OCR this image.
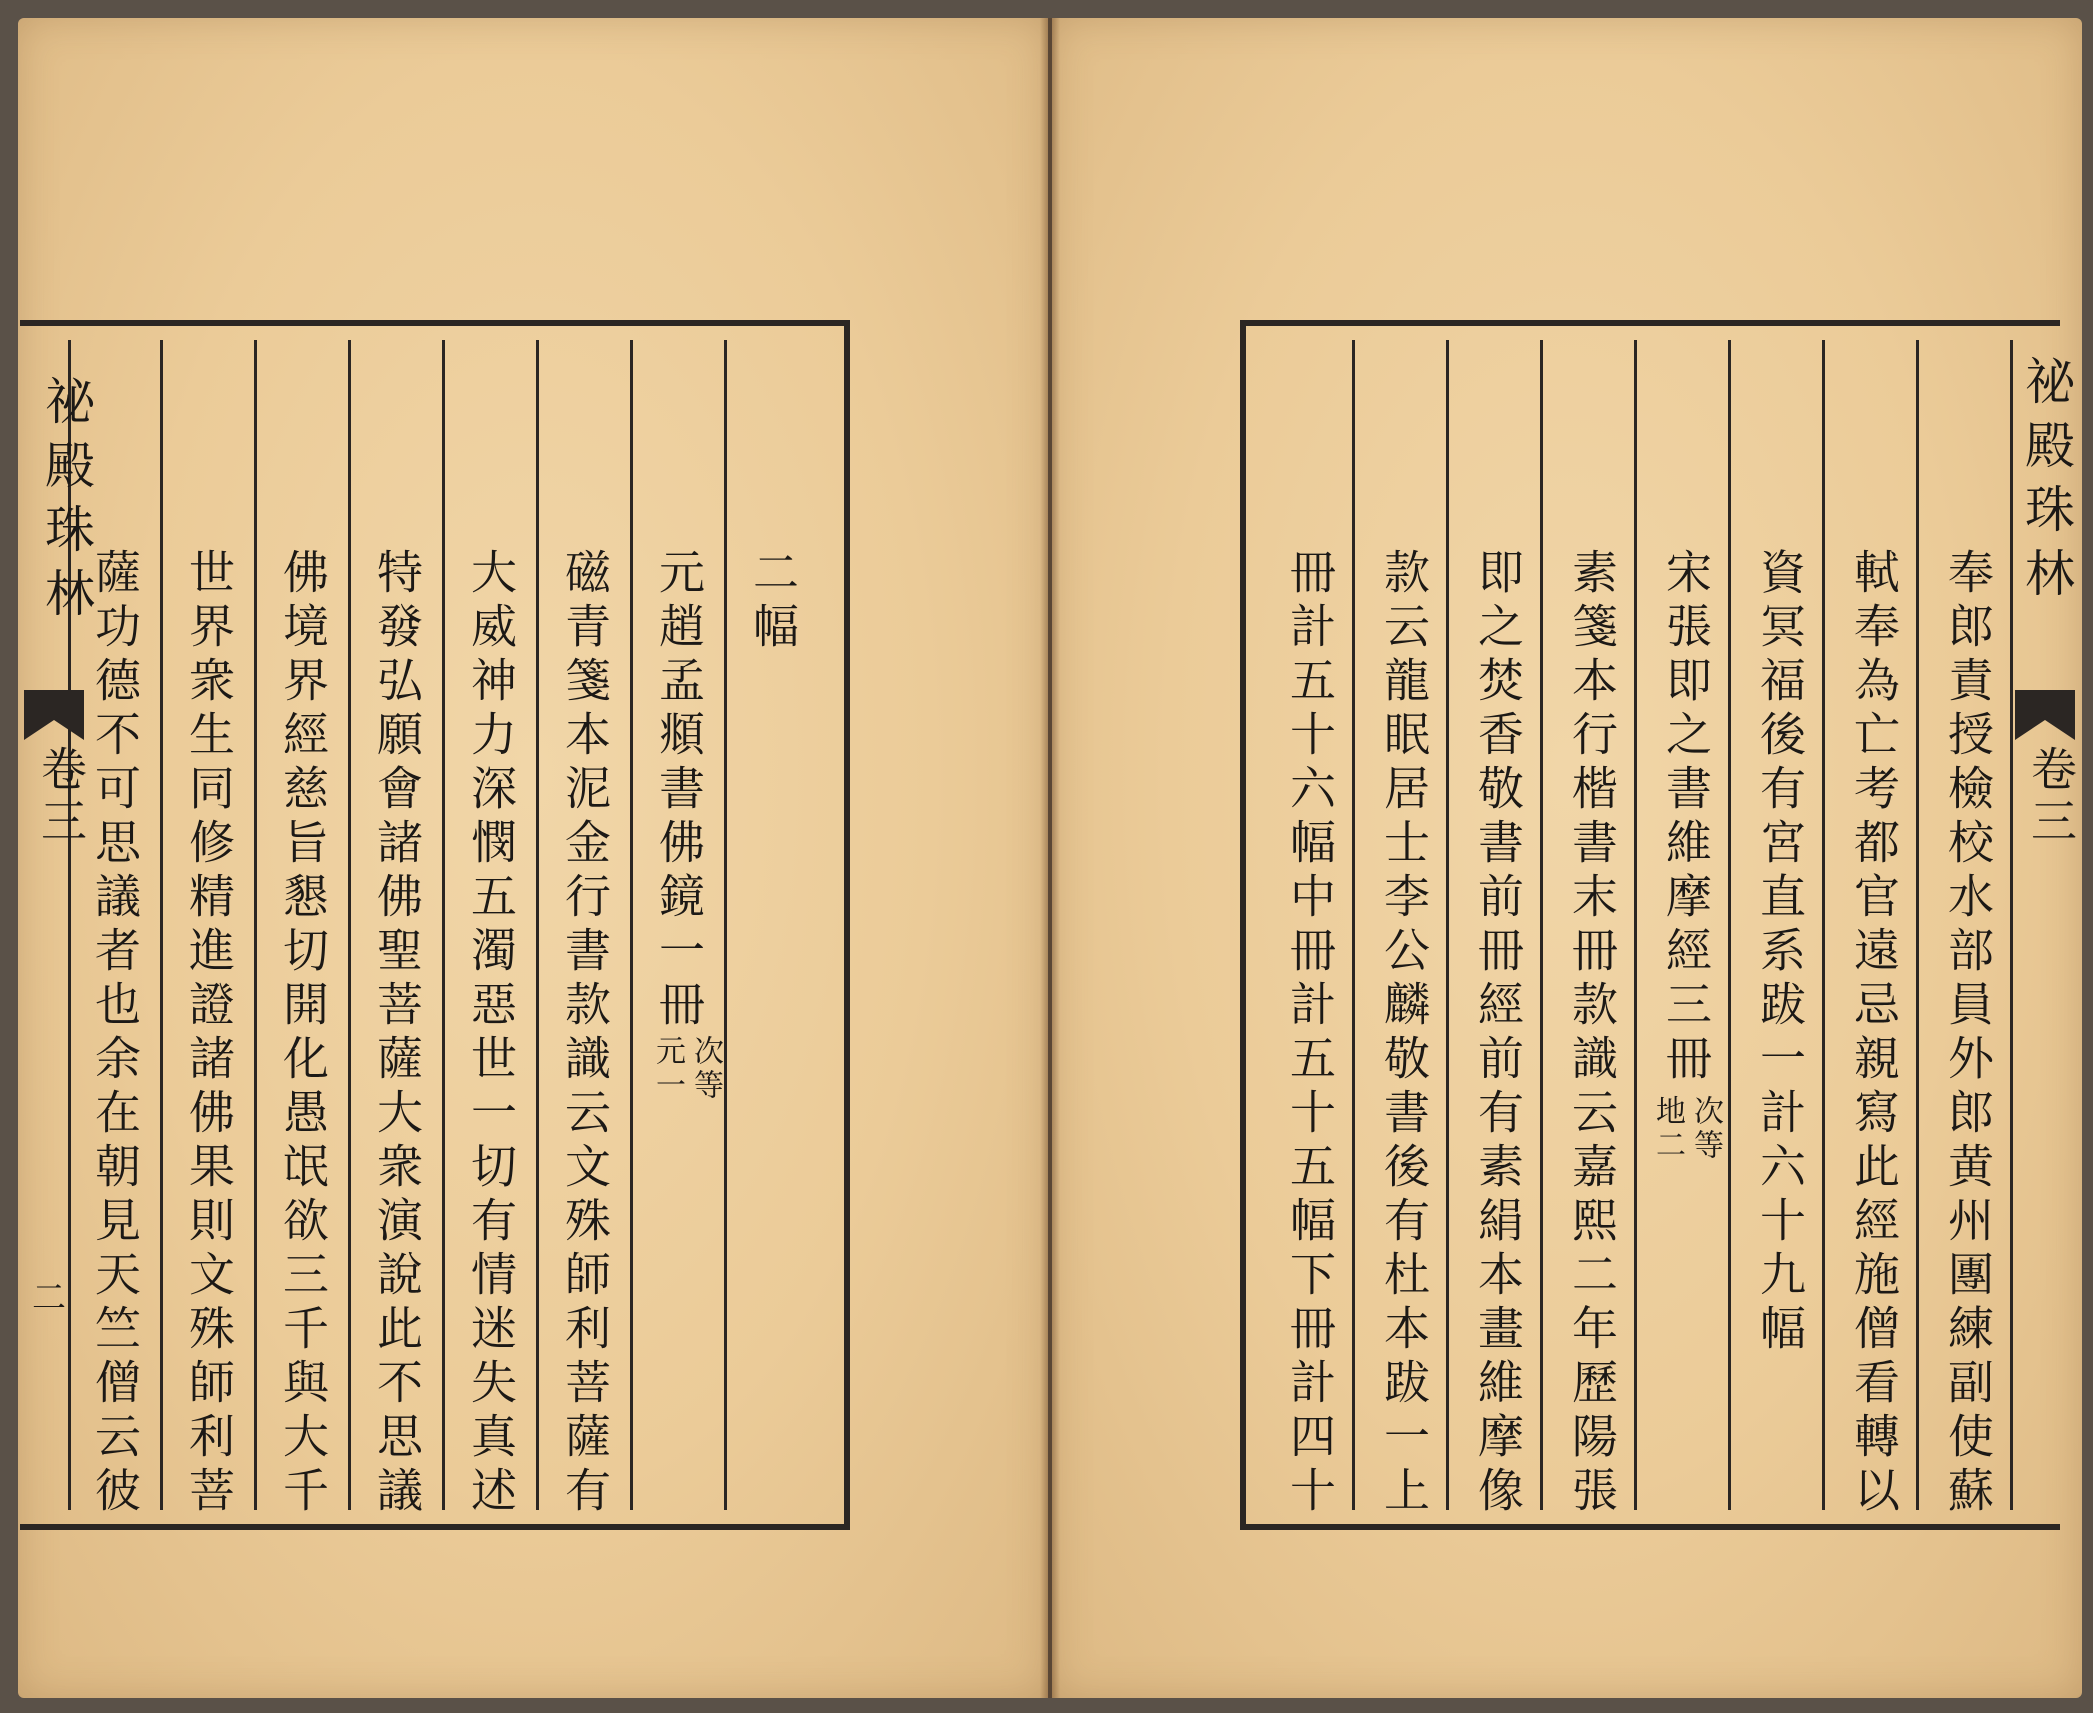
祕殿珠林
卷三
二
二幅
元趙孟頫書佛鏡一冊
次等
元一
磁青箋本泥金行書款識云文殊師利菩薩有
大威神力深憫五濁惡世一切有情迷失真述
特發弘願會諸佛聖菩薩大衆演說此不思議
佛境界經慈旨懇切開化愚氓欲三千與大千
世界衆生同修精進證諸佛果則文殊師利菩
薩功德不可思議者也余在朝見天竺僧云彼
祕殿珠林
卷三
奉郎責授檢校水部員外郎黄州團練副使蘇
軾奉為亡考都官遠忌親寫此經施僧看轉以
資冥福後有宮直系跋一計六十九幅
宋張即之書維摩經三冊
次等
地二
素箋本行楷書末冊款識云嘉熙二年歷陽張
即之焚香敬書前冊經前有素絹本畫維摩像
款云龍眠居士李公麟敬書後有杜本跋一上
冊計五十六幅中冊計五十五幅下冊計四十
